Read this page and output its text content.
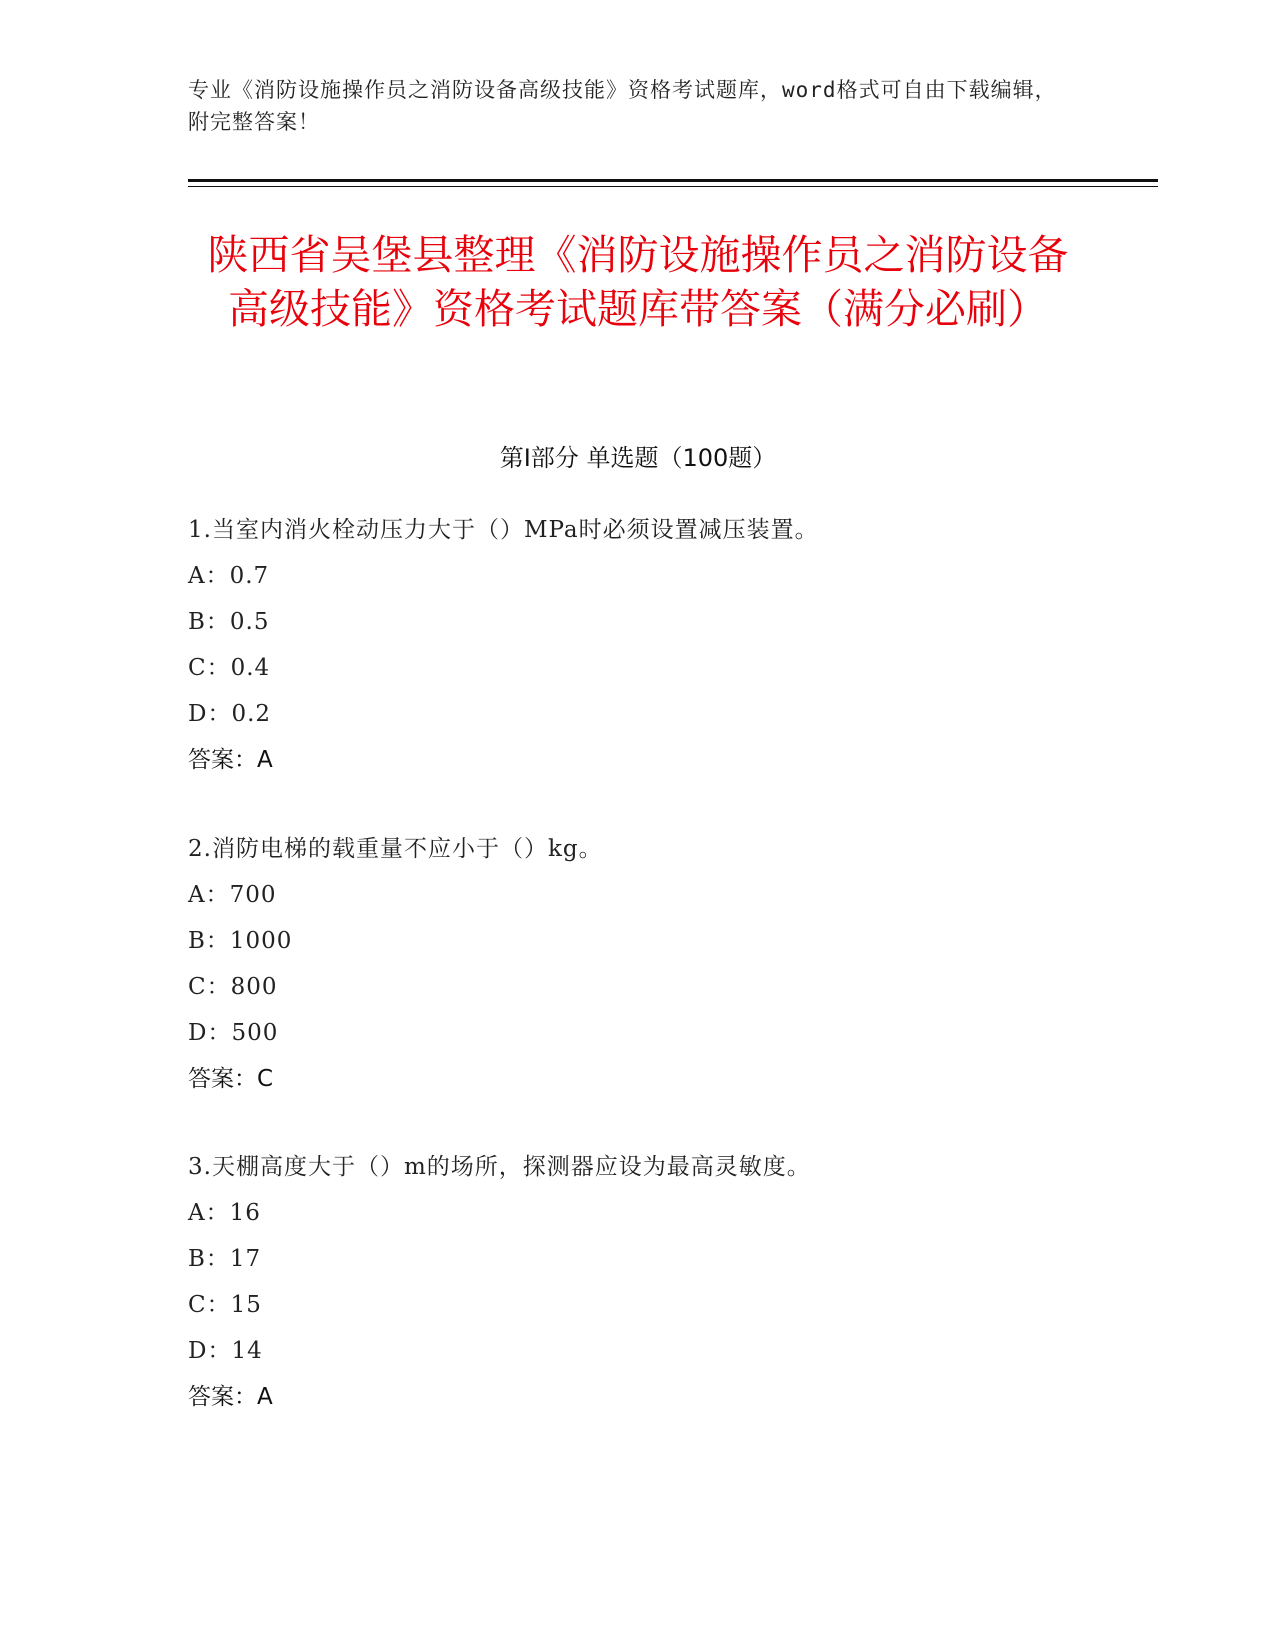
专业《消防设施操作员之消防设备高级技能》资格考试题库，word格式可自由下载编辑，附完整答案！
陕西省吴堡县整理《消防设施操作员之消防设备高级技能》资格考试题库带答案（满分必刷）
第Ⅰ部分 单选题（100题）
1.当室内消火栓动压力大于（）MPa时必须设置减压装置。
A：0.7
B：0.5
C：0.4
D：0.2
答案：A
2.消防电梯的载重量不应小于（）kg。
A：700
B：1000
C：800
D：500
答案：C
3.天棚高度大于（）m的场所，探测器应设为最高灵敏度。
A：16
B：17
C：15
D：14
答案：A
